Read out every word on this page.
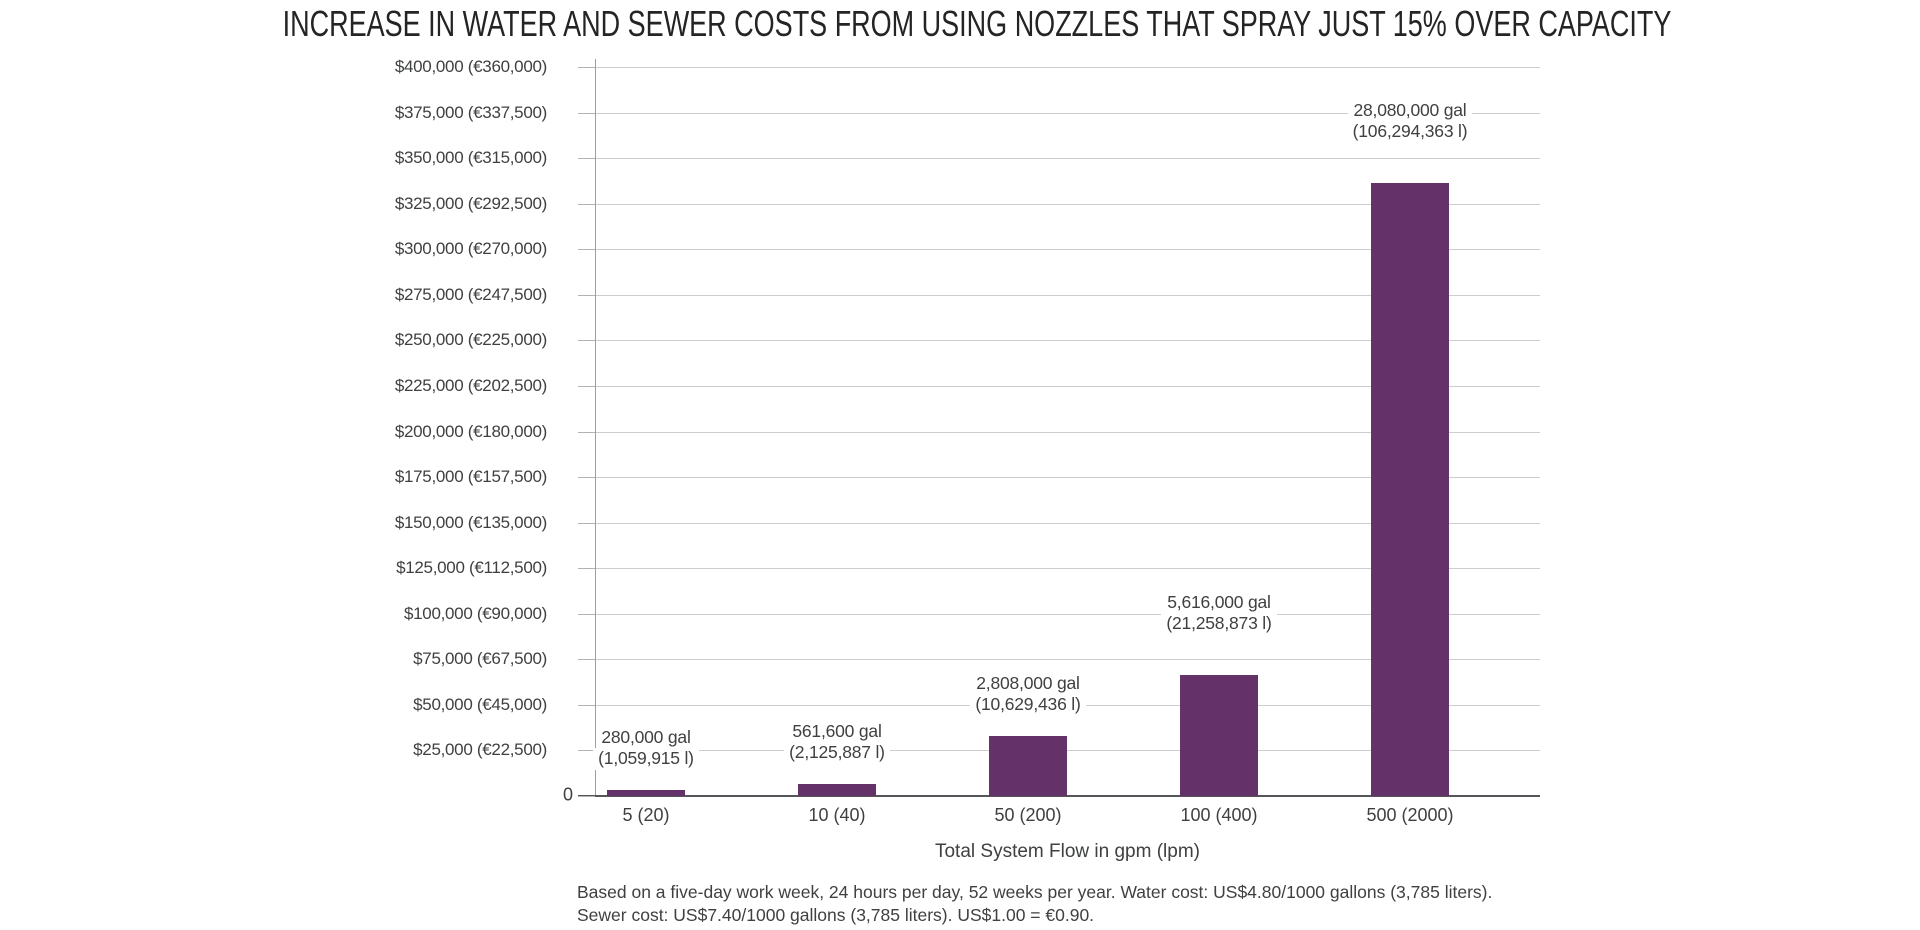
INCREASE IN WATER AND SEWER COSTS FROM USING NOZZLES THAT SPRAY JUST 15% OVER CAPACITY
$400,000 (€360,000)
$375,000 (€337,500)
$350,000 (€315,000)
$325,000 (€292,500)
$300,000 (€270,000)
$275,000 (€247,500)
$250,000 (€225,000)
$225,000 (€202,500)
$200,000 (€180,000)
$175,000 (€157,500)
$150,000 (€135,000)
$125,000 (€112,500)
$100,000 (€90,000)
$75,000 (€67,500)
$50,000 (€45,000)
$25,000 (€22,500)
0
280,000 gal
(1,059,915 l)
5 (20)
561,600 gal
(2,125,887 l)
10 (40)
2,808,000 gal
(10,629,436 l)
50 (200)
5,616,000 gal
(21,258,873 l)
100 (400)
28,080,000 gal
(106,294,363 l)
500 (2000)
Total System Flow in gpm (lpm)
Based on a five-day work week, 24 hours per day, 52 weeks per year. Water cost: US$4.80/1000 gallons (3,785 liters).
Sewer cost: US$7.40/1000 gallons (3,785 liters). US$1.00 = €0.90.
